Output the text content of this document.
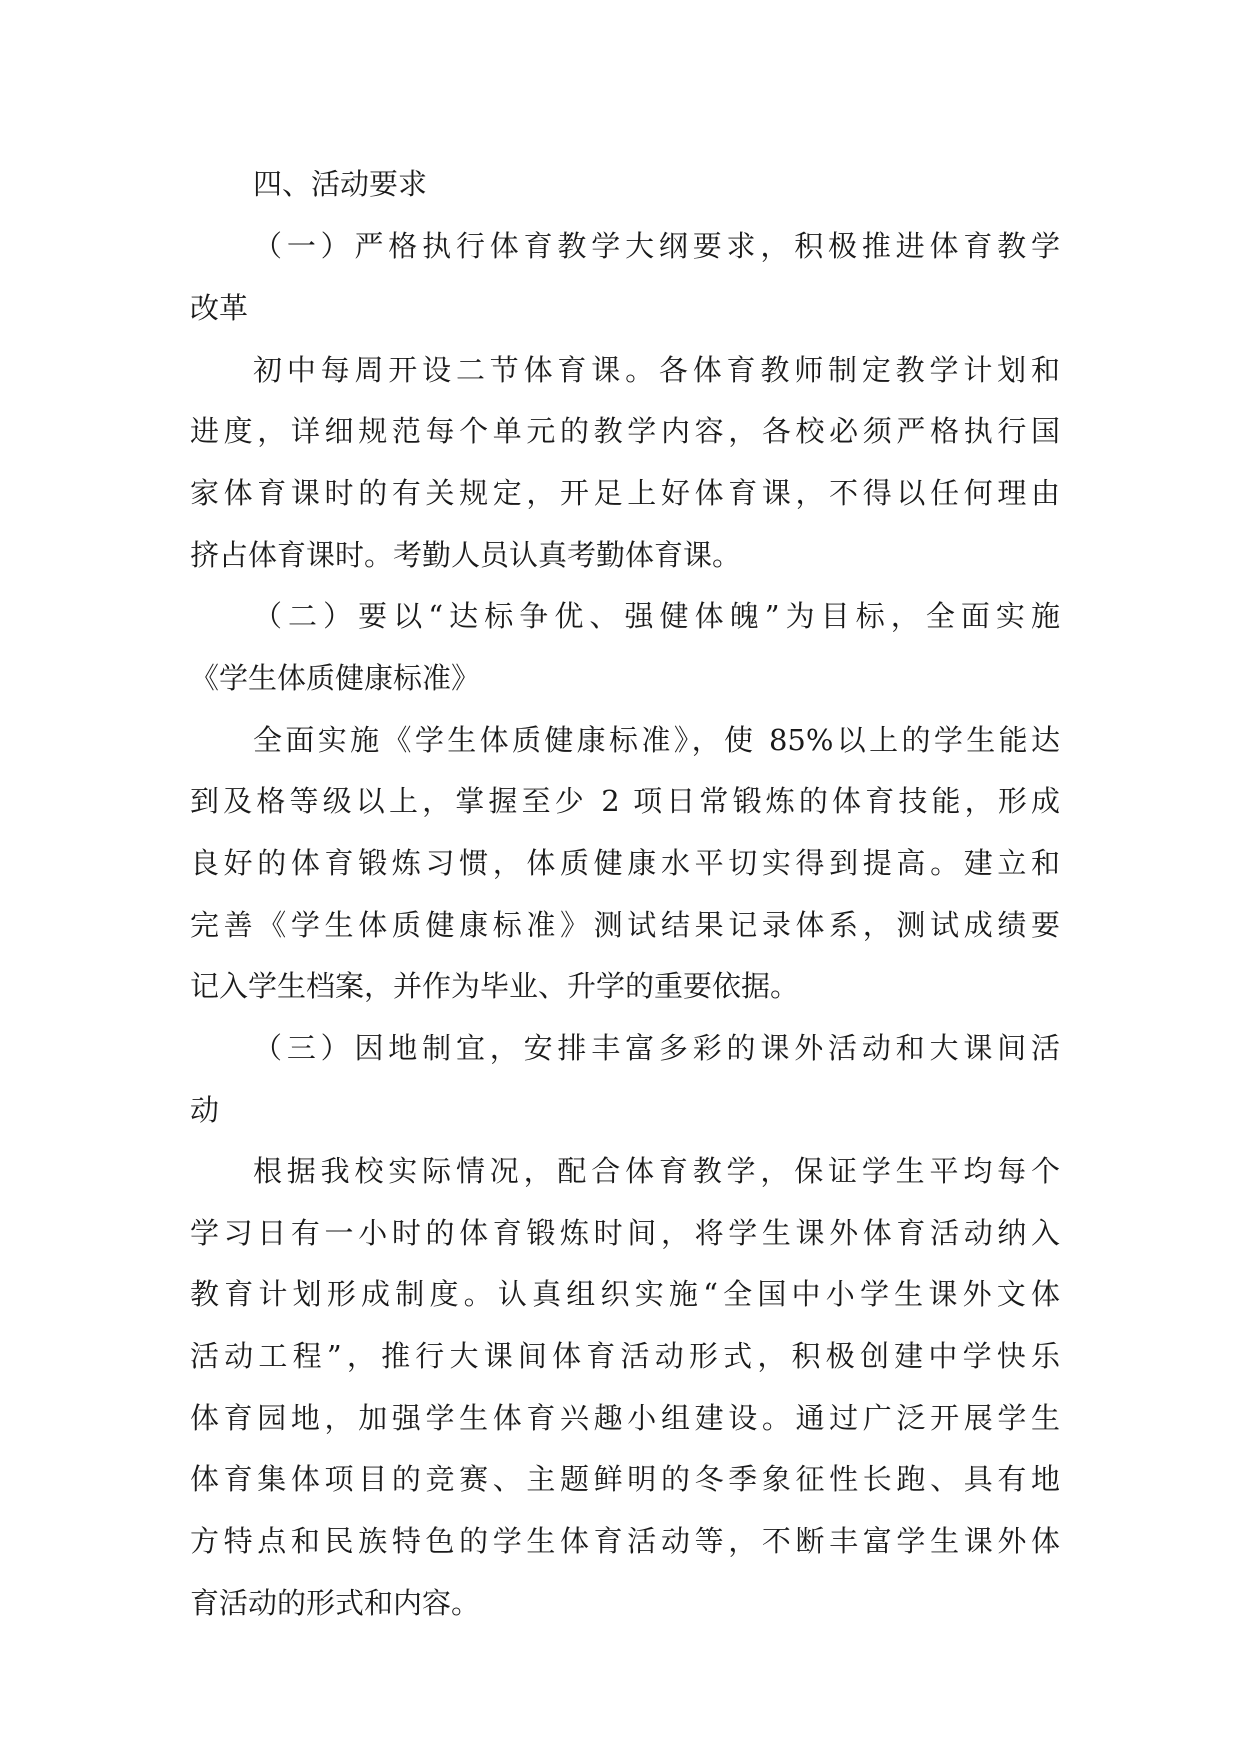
四、活动要求

（一）严格执行体育教学大纲要求，积极推进体育教学

改革

初中每周开设二节体育课。各体育教师制定教学计划和

进度，详细规范每个单元的教学内容，各校必须严格执行国

家体育课时的有关规定，开足上好体育课，不得以任何理由

挤占体育课时。考勤人员认真考勤体育课。

（二）要以“达标争优、强健体魄”为目标，全面实施

《学生体质健康标准》

全面实施《学生体质健康标准》，使 85%以上的学生能达

到及格等级以上，掌握至少 2 项日常锻炼的体育技能，形成

良好的体育锻炼习惯，体质健康水平切实得到提高。建立和

完善《学生体质健康标准》测试结果记录体系，测试成绩要

记入学生档案，并作为毕业、升学的重要依据。

（三）因地制宜，安排丰富多彩的课外活动和大课间活

动

根据我校实际情况，配合体育教学，保证学生平均每个

学习日有一小时的体育锻炼时间，将学生课外体育活动纳入

教育计划形成制度。认真组织实施“全国中小学生课外文体

活动工程”，推行大课间体育活动形式，积极创建中学快乐

体育园地，加强学生体育兴趣小组建设。通过广泛开展学生

体育集体项目的竞赛、主题鲜明的冬季象征性长跑、具有地

方特点和民族特色的学生体育活动等，不断丰富学生课外体

育活动的形式和内容。
